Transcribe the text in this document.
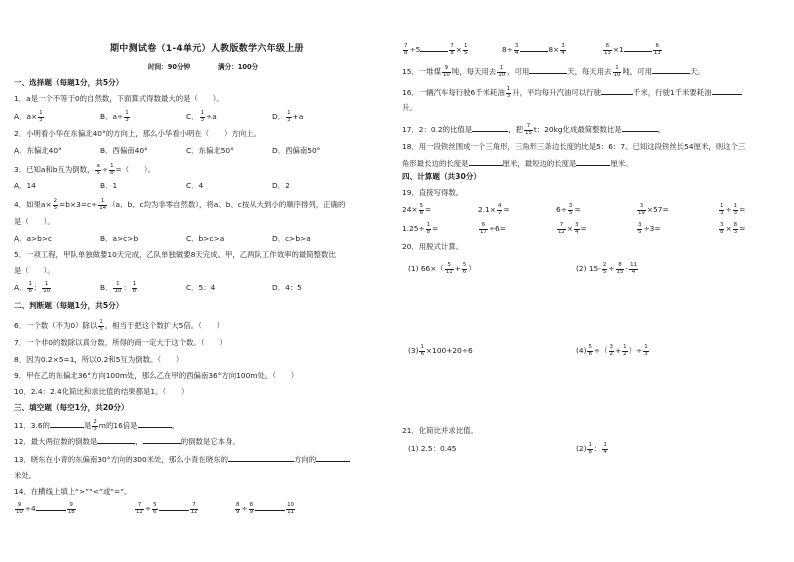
期中测试卷（1-4单元）人教版数学六年级上册
时间：90分钟	满分：100分
一、选择题（每题1分，共5分）
1．a是一个不等于0的自然数，下面算式得数最大的是（　　）。
A．$a\times \frac{1}{3}$	B．$a\div \frac{1}{3}$	C． $\frac{1}{3} \div a$	D． $\frac{1}{3} +a$
2．小明看小华在东偏北40°的方向上，那么小华看小明在（　　）方向上。
A．东偏北40°	B．西偏南40°	C．东偏北50°	D．西偏南50°
3．已知a和b互为倒数， $\frac{a}{5} \div \frac{1}{b}$ =（　　）。
A．14	B．1	C．4	D．2
4．如果$a\times \frac{2}{5} =b\times 3=c\div \frac{1}{14} (a$、b、c均为非零自然数），将a、b、c按从大到小的顺序排列，正确的
是（　　）。
A．a>b>c	B．a>c>b	C．b>c>a	D．c>b>a
5．一项工程，甲队单独做要10天完成，乙队单独做要8天完成。甲，乙两队工作效率的最简整数比
是（　　）。
A． $\frac{1}{8}$ ： $\frac{1}{10}$	B． $\frac{1}{10}$ ： $\frac{1}{8}$	C．5：4	D．4：5
二、判断题（每题1分，共5分）
6．一个数（不为0）除以 $\frac{1}{5}$ ，相当于把这个数扩大5倍。（　　）
7．一个非0的数除以真分数，所得的商一定大于这个数。（　　）
8．因为0.2×5=1，所以0.2和5互为倒数。（　　）
9．甲在乙的东偏北36°方向100m处，那么乙在甲的西偏南36°方向100m处。（　　）
10．2.4：2.4化简比和求比值的结果都是1。（　　）
三、填空题（每空1分，共20分）
11．3.6的	是 $\frac{2}{3}$ m的16倍是	。
12．最大两位数的倒数是	，	的倒数是它本身。
13．晓东在小青的东偏南30°方向的300米处，那么小青在晓东的	方向的
米处。
14．在横线上填上“>”“<”或“=”。
$\frac{9}{10} \div 4$	$\frac{9}{18}$	$\frac{7}{12} \div \frac{5}{6}$	$\frac{7}{12}$	$\frac{8}{9} \div \frac{8}{9}$	$\frac{10}{11}$
$\frac{7}{8} \div 5$	$\frac{7}{8} \times \frac{1}{5}$	$8\div \frac{3}{4}$	$8\times \frac{3}{4}$	$\frac{6}{13} \times 1$	$\frac{6}{13}$
15．一堆煤 $\frac{9}{10}$ 吨，每天用去 $\frac{1}{10}$ ，可用	天，每天用去 $\frac{1}{10}$ 吨，可用	天。
16．一辆汽车每行驶6千米耗油 $\frac{1}{3}$ 升，平均每升汽油可以行驶	千米，行驶1千米要耗油
升。
17．2：0.2的比值是	，把 $\frac{7}{15}$ t：20kg化成最简整数比是	。
18．用一段铁丝围成一个三角形，三角形三条边长度的比是5：6：7。已知这段铁丝长54厘米，则这个三
角形最长边的长度是	厘米，最短边的长度是	厘米。
四、计算题（共30分）
19．直接写得数。
$24\times \frac{5}{6}$ =	$2.1\times \frac{4}{7}$ =	$6\div \frac{3}{5}$ =	$\frac{3}{19} \times 57=$	$\frac{1}{3} \div \frac{1}{3}$ =
$1.25\div \frac{1}{8}$ =	$\frac{6}{17} \div 6=$	$\frac{7}{12} \times \frac{3}{4}$ =	$\frac{3}{5} \div 3=$	$\frac{3}{8} \times \frac{8}{3}$ =
20．用脱式计算。
(1) $66\times( \frac{5}{11} + \frac{5}{6}$ ）	(2) $15- \frac{2}{5} \div \frac{8}{15} - \frac{11}{4}$
$(3) \frac{1}{6} \times 100+20\div 6$	$(4) \frac{5}{8}$ ÷（ $\frac{3}{2} + \frac{1}{2}$ ）÷ $\frac{1}{3}$
21．化简比并求比值。
(1) 2.5：0.45	$(2) \frac{1}{8}$ ： $\frac{1}{4}$
